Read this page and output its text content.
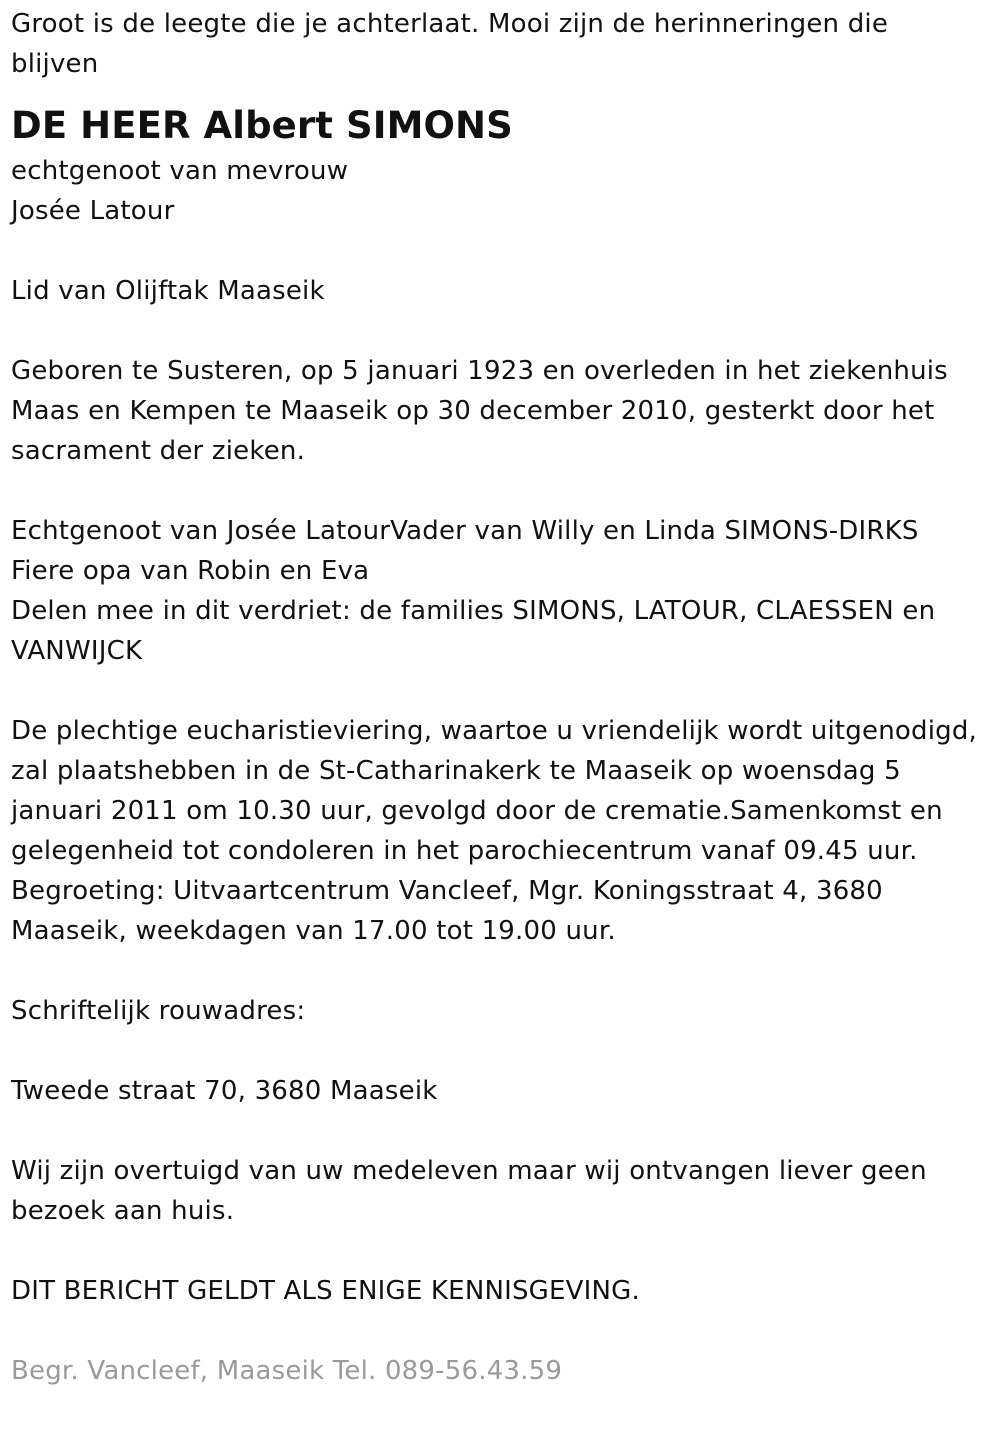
Groot is de leegte die je achterlaat. Mooi zijn de herinneringen die
blijven
DE HEER Albert SIMONS
echtgenoot van mevrouw
Josée Latour
Lid van Olijftak Maaseik
Geboren te Susteren, op 5 januari 1923 en overleden in het ziekenhuis
Maas en Kempen te Maaseik op 30 december 2010, gesterkt door het
sacrament der zieken.
Echtgenoot van Josée LatourVader van Willy en Linda SIMONS-DIRKS
Fiere opa van Robin en Eva
Delen mee in dit verdriet: de families SIMONS, LATOUR, CLAESSEN en
VANWIJCK
De plechtige eucharistieviering, waartoe u vriendelijk wordt uitgenodigd,
zal plaatshebben in de St-Catharinakerk te Maaseik op woensdag 5
januari 2011 om 10.30 uur, gevolgd door de crematie.Samenkomst en
gelegenheid tot condoleren in het parochiecentrum vanaf 09.45 uur.
Begroeting: Uitvaartcentrum Vancleef, Mgr. Koningsstraat 4, 3680
Maaseik, weekdagen van 17.00 tot 19.00 uur.
Schriftelijk rouwadres:
Tweede straat 70, 3680 Maaseik
Wij zijn overtuigd van uw medeleven maar wij ontvangen liever geen
bezoek aan huis.
DIT BERICHT GELDT ALS ENIGE KENNISGEVING.
Begr. Vancleef, Maaseik Tel. 089-56.43.59
